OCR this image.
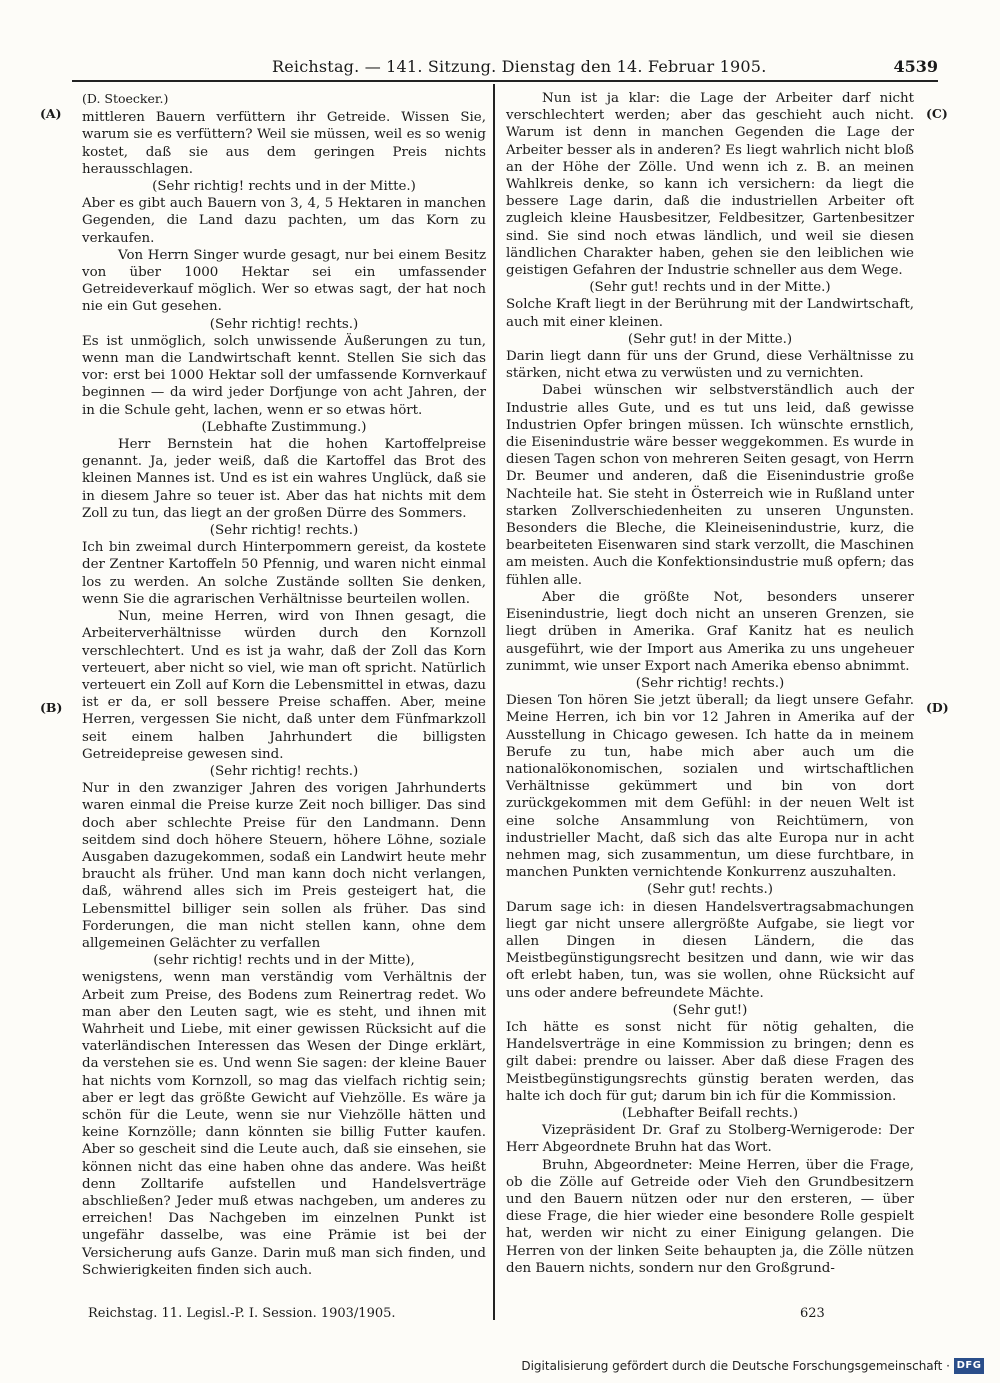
Reichstag. — 141. Sitzung. Dienstag den 14. Februar 1905.	4539
(A)
(B)
(C)
(D)
(D. Stoecker.)

mittleren Bauern verfüttern ihr Getreide. Wissen Sie, warum sie es verfüttern? Weil sie müssen, weil es so wenig kostet, daß sie aus dem geringen Preis nichts herausschlagen.

(Sehr richtig! rechts und in der Mitte.)

Aber es gibt auch Bauern von 3, 4, 5 Hektaren in manchen Gegenden, die Land dazu pachten, um das Korn zu verkaufen.

Von Herrn Singer wurde gesagt, nur bei einem Besitz von über 1000 Hektar sei ein umfassender Getreideverkauf möglich. Wer so etwas sagt, der hat noch nie ein Gut gesehen.

(Sehr richtig! rechts.)

Es ist unmöglich, solch unwissende Äußerungen zu tun, wenn man die Landwirtschaft kennt. Stellen Sie sich das vor: erst bei 1000 Hektar soll der umfassende Kornverkauf beginnen — da wird jeder Dorfjunge von acht Jahren, der in die Schule geht, lachen, wenn er so etwas hört.

(Lebhafte Zustimmung.)

Herr Bernstein hat die hohen Kartoffelpreise genannt. Ja, jeder weiß, daß die Kartoffel das Brot des kleinen Mannes ist. Und es ist ein wahres Unglück, daß sie in diesem Jahre so teuer ist. Aber das hat nichts mit dem Zoll zu tun, das liegt an der großen Dürre des Sommers.

(Sehr richtig! rechts.)

Ich bin zweimal durch Hinterpommern gereist, da kostete der Zentner Kartoffeln 50 Pfennig, und waren nicht einmal los zu werden. An solche Zustände sollten Sie denken, wenn Sie die agrarischen Verhältnisse beurteilen wollen.

Nun, meine Herren, wird von Ihnen gesagt, die Arbeiterverhältnisse würden durch den Kornzoll verschlechtert. Und es ist ja wahr, daß der Zoll das Korn verteuert, aber nicht so viel, wie man oft spricht. Natürlich verteuert ein Zoll auf Korn die Lebensmittel in etwas, dazu ist er da, er soll bessere Preise schaffen. Aber, meine Herren, vergessen Sie nicht, daß unter dem Fünfmarkzoll seit einem halben Jahrhundert die billigsten Getreidepreise gewesen sind.

(Sehr richtig! rechts.)

Nur in den zwanziger Jahren des vorigen Jahrhunderts waren einmal die Preise kurze Zeit noch billiger. Das sind doch aber schlechte Preise für den Landmann. Denn seitdem sind doch höhere Steuern, höhere Löhne, soziale Ausgaben dazugekommen, sodaß ein Landwirt heute mehr braucht als früher. Und man kann doch nicht verlangen, daß, während alles sich im Preis gesteigert hat, die Lebensmittel billiger sein sollen als früher. Das sind Forderungen, die man nicht stellen kann, ohne dem allgemeinen Gelächter zu verfallen

(sehr richtig! rechts und in der Mitte),

wenigstens, wenn man verständig vom Verhältnis der Arbeit zum Preise, des Bodens zum Reinertrag redet. Wo man aber den Leuten sagt, wie es steht, und ihnen mit Wahrheit und Liebe, mit einer gewissen Rücksicht auf die vaterländischen Interessen das Wesen der Dinge erklärt, da verstehen sie es. Und wenn Sie sagen: der kleine Bauer hat nichts vom Kornzoll, so mag das vielfach richtig sein; aber er legt das größte Gewicht auf Viehzölle. Es wäre ja schön für die Leute, wenn sie nur Viehzölle hätten und keine Kornzölle; dann könnten sie billig Futter kaufen. Aber so gescheit sind die Leute auch, daß sie einsehen, sie können nicht das eine haben ohne das andere. Was heißt denn Zolltarife aufstellen und Handelsverträge abschließen? Jeder muß etwas nachgeben, um anderes zu erreichen! Das Nachgeben im einzelnen Punkt ist ungefähr dasselbe, was eine Prämie ist bei der Versicherung aufs Ganze. Darin muß man sich finden, und Schwierigkeiten finden sich auch.

Nun ist ja klar: die Lage der Arbeiter darf nicht verschlechtert werden; aber das geschieht auch nicht. Warum ist denn in manchen Gegenden die Lage der Arbeiter besser als in anderen? Es liegt wahrlich nicht bloß an der Höhe der Zölle. Und wenn ich z. B. an meinen Wahlkreis denke, so kann ich versichern: da liegt die bessere Lage darin, daß die industriellen Arbeiter oft zugleich kleine Hausbesitzer, Feldbesitzer, Gartenbesitzer sind. Sie sind noch etwas ländlich, und weil sie diesen ländlichen Charakter haben, gehen sie den leiblichen wie geistigen Gefahren der Industrie schneller aus dem Wege.

(Sehr gut! rechts und in der Mitte.)

Solche Kraft liegt in der Berührung mit der Landwirtschaft, auch mit einer kleinen.

(Sehr gut! in der Mitte.)

Darin liegt dann für uns der Grund, diese Verhältnisse zu stärken, nicht etwa zu verwüsten und zu vernichten.

Dabei wünschen wir selbstverständlich auch der Industrie alles Gute, und es tut uns leid, daß gewisse Industrien Opfer bringen müssen. Ich wünschte ernstlich, die Eisenindustrie wäre besser weggekommen. Es wurde in diesen Tagen schon von mehreren Seiten gesagt, von Herrn Dr. Beumer und anderen, daß die Eisenindustrie große Nachteile hat. Sie steht in Österreich wie in Rußland unter starken Zollverschiedenheiten zu unseren Ungunsten. Besonders die Bleche, die Kleineisenindustrie, kurz, die bearbeiteten Eisenwaren sind stark verzollt, die Maschinen am meisten. Auch die Konfektionsindustrie muß opfern; das fühlen alle.

Aber die größte Not, besonders unserer Eisenindustrie, liegt doch nicht an unseren Grenzen, sie liegt drüben in Amerika. Graf Kanitz hat es neulich ausgeführt, wie der Import aus Amerika zu uns ungeheuer zunimmt, wie unser Export nach Amerika ebenso abnimmt.

(Sehr richtig! rechts.)

Diesen Ton hören Sie jetzt überall; da liegt unsere Gefahr. Meine Herren, ich bin vor 12 Jahren in Amerika auf der Ausstellung in Chicago gewesen. Ich hatte da in meinem Berufe zu tun, habe mich aber auch um die nationalökonomischen, sozialen und wirtschaftlichen Verhältnisse gekümmert und bin von dort zurückgekommen mit dem Gefühl: in der neuen Welt ist eine solche Ansammlung von Reichtümern, von industrieller Macht, daß sich das alte Europa nur in acht nehmen mag, sich zusammentun, um diese furchtbare, in manchen Punkten vernichtende Konkurrenz auszuhalten.

(Sehr gut! rechts.)

Darum sage ich: in diesen Handelsvertragsabmachungen liegt gar nicht unsere allergrößte Aufgabe, sie liegt vor allen Dingen in diesen Ländern, die das Meistbegünstigungsrecht besitzen und dann, wie wir das oft erlebt haben, tun, was sie wollen, ohne Rücksicht auf uns oder andere befreundete Mächte.

(Sehr gut!)

Ich hätte es sonst nicht für nötig gehalten, die Handelsverträge in eine Kommission zu bringen; denn es gilt dabei: prendre ou laisser. Aber daß diese Fragen des Meistbegünstigungsrechts günstig beraten werden, das halte ich doch für gut; darum bin ich für die Kommission.

(Lebhafter Beifall rechts.)

Vizepräsident Dr. Graf zu Stolberg-Wernigerode: Der Herr Abgeordnete Bruhn hat das Wort.

Bruhn, Abgeordneter: Meine Herren, über die Frage, ob die Zölle auf Getreide oder Vieh den Grundbesitzern und den Bauern nützen oder nur den ersteren, — über diese Frage, die hier wieder eine besondere Rolle gespielt hat, werden wir nicht zu einer Einigung gelangen. Die Herren von der linken Seite behaupten ja, die Zölle nützen den Bauern nichts, sondern nur den Großgrund-

Reichstag. 11. Legisl.-P. I. Session. 1903/1905.	623
Digitalisierung gefördert durch die Deutsche Forschungsgemeinschaft · DFG
